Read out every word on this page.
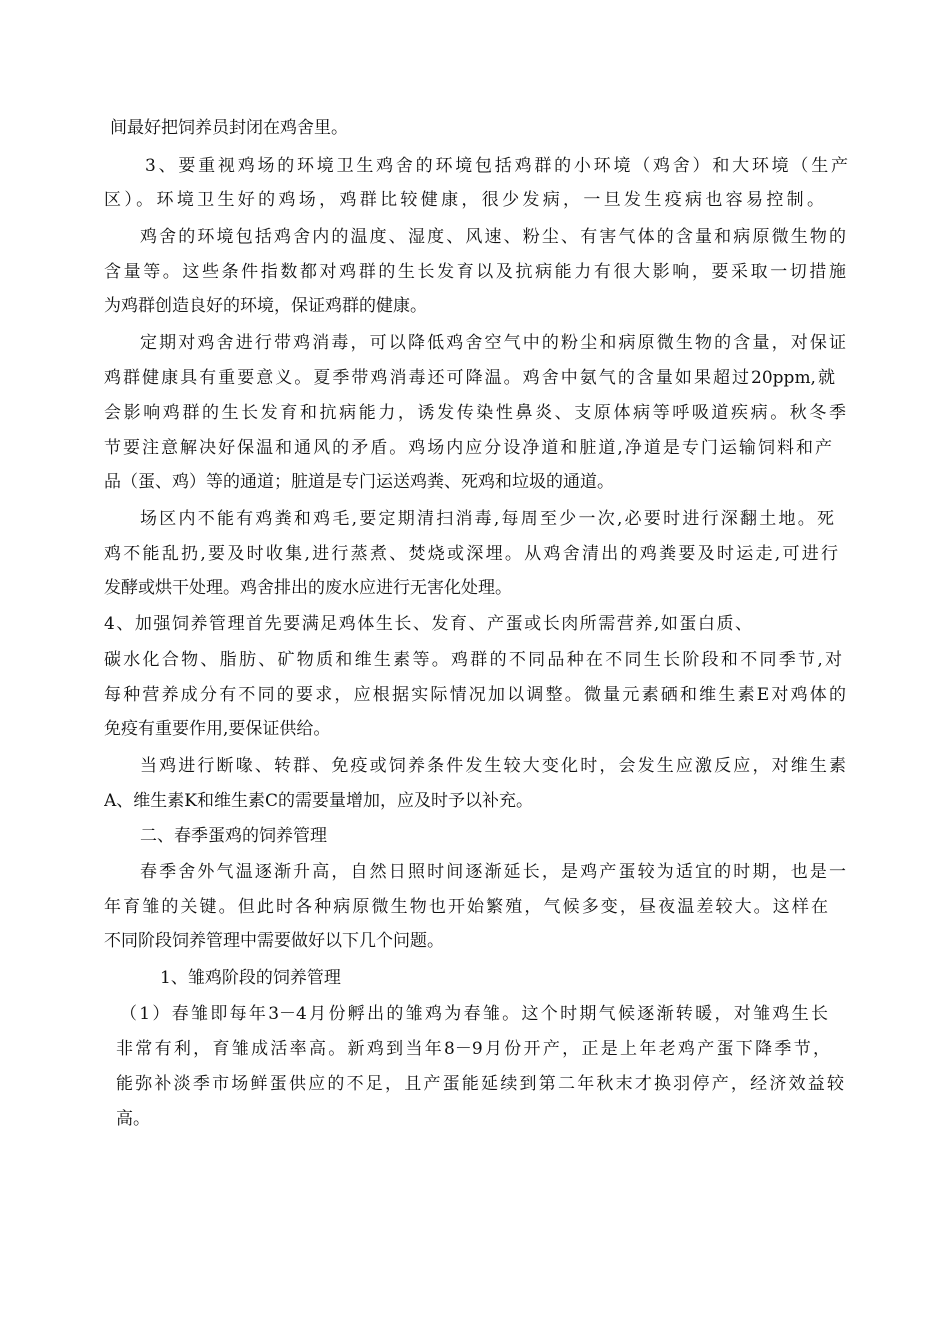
间最好把饲养员封闭在鸡舍里。

3、要重视鸡场的环境卫生鸡舍的环境包括鸡群的小环境（鸡舍）和大环境（生产

区）。环境卫生好的鸡场，鸡群比较健康，很少发病，一旦发生疫病也容易控制。

鸡舍的环境包括鸡舍内的温度、湿度、风速、粉尘、有害气体的含量和病原微生物的

含量等。这些条件指数都对鸡群的生长发育以及抗病能力有很大影响，要采取一切措施

为鸡群创造良好的环境，保证鸡群的健康。

定期对鸡舍进行带鸡消毒，可以降低鸡舍空气中的粉尘和病原微生物的含量，对保证

鸡群健康具有重要意义。夏季带鸡消毒还可降温。鸡舍中氨气的含量如果超过20ppm,就

会影响鸡群的生长发育和抗病能力，诱发传染性鼻炎、支原体病等呼吸道疾病。秋冬季

节要注意解决好保温和通风的矛盾。鸡场内应分设净道和脏道,净道是专门运输饲料和产

品（蛋、鸡）等的通道；脏道是专门运送鸡粪、死鸡和垃圾的通道。

场区内不能有鸡粪和鸡毛,要定期清扫消毒,每周至少一次,必要时进行深翻土地。死

鸡不能乱扔,要及时收集,进行蒸煮、焚烧或深埋。从鸡舍清出的鸡粪要及时运走,可进行

发酵或烘干处理。鸡舍排出的废水应进行无害化处理。

4、加强饲养管理首先要满足鸡体生长、发育、产蛋或长肉所需营养,如蛋白质、

碳水化合物、脂肪、矿物质和维生素等。鸡群的不同品种在不同生长阶段和不同季节,对

每种营养成分有不同的要求，应根据实际情况加以调整。微量元素硒和维生素E对鸡体的

免疫有重要作用,要保证供给。

当鸡进行断喙、转群、免疫或饲养条件发生较大变化时，会发生应激反应，对维生素

A、维生素K和维生素C的需要量增加，应及时予以补充。

二、春季蛋鸡的饲养管理

春季舍外气温逐渐升高，自然日照时间逐渐延长，是鸡产蛋较为适宜的时期，也是一

年育雏的关键。但此时各种病原微生物也开始繁殖，气候多变，昼夜温差较大。这样在

不同阶段饲养管理中需要做好以下几个问题。

1、雏鸡阶段的饲养管理

（1）春雏即每年3－4月份孵出的雏鸡为春雏。这个时期气候逐渐转暖，对雏鸡生长

非常有利，育雏成活率高。新鸡到当年8－9月份开产，正是上年老鸡产蛋下降季节，

能弥补淡季市场鲜蛋供应的不足，且产蛋能延续到第二年秋末才换羽停产，经济效益较

高。
